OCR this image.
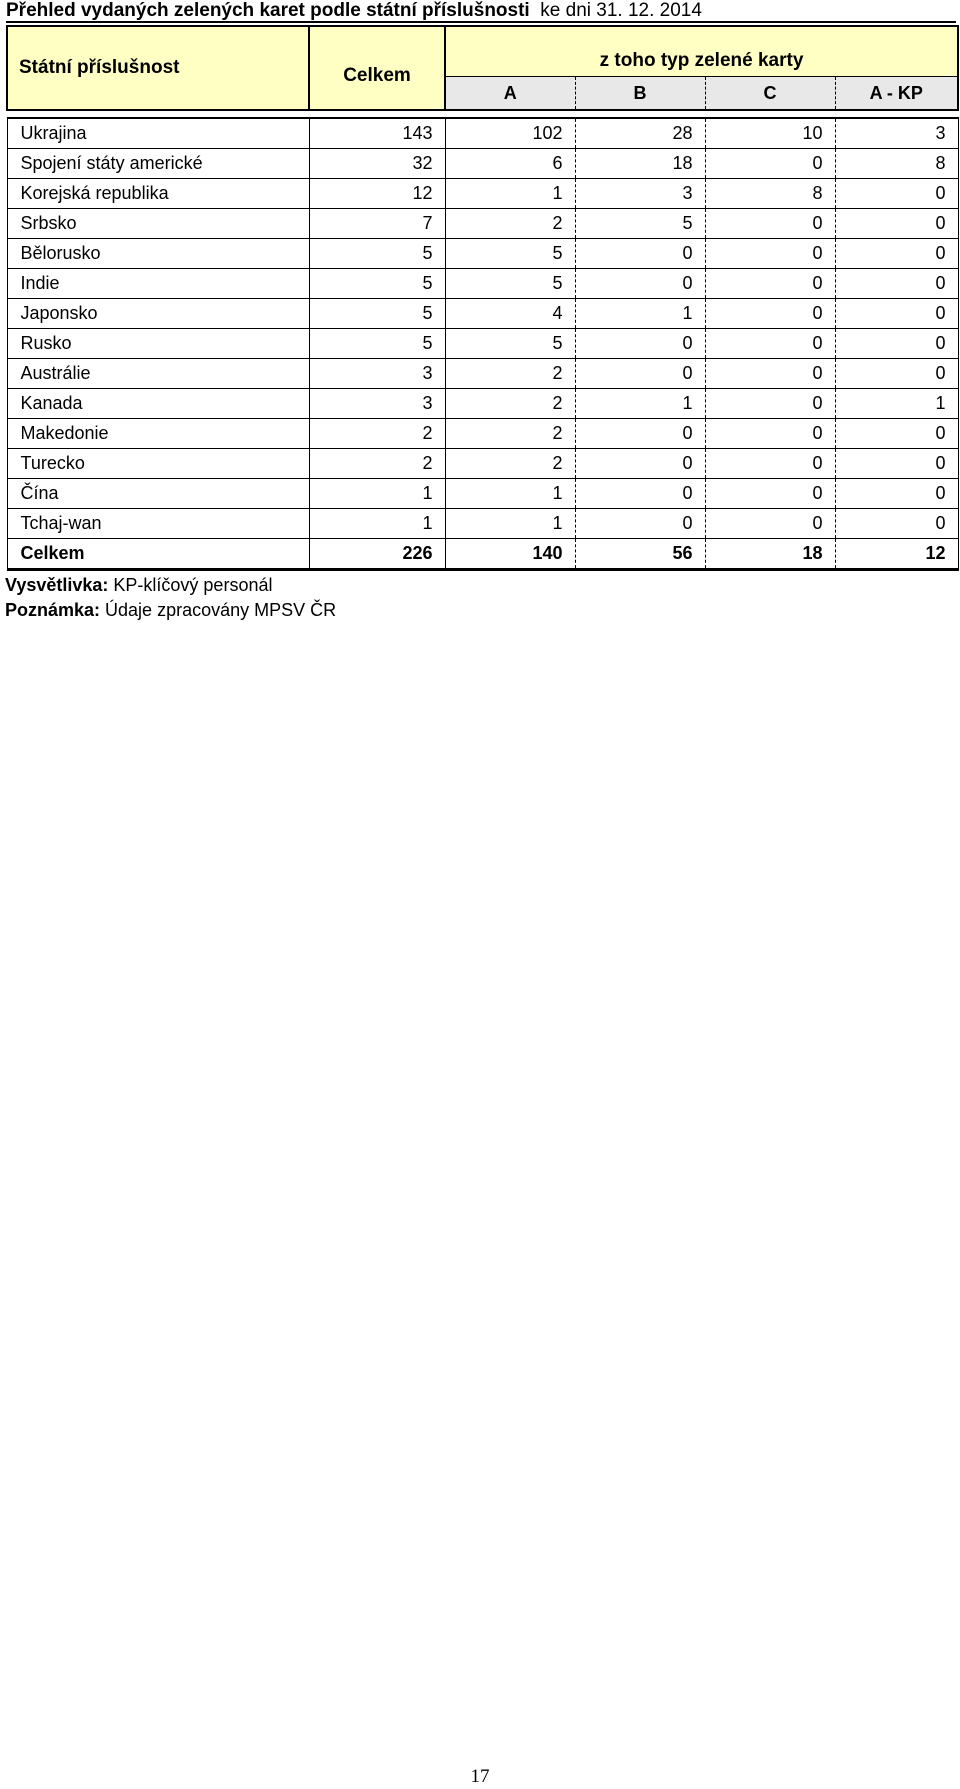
Přehled vydaných zelených karet podle státní příslušnosti ke dni 31. 12. 2014
Státní příslušnost	Celkem	z toho typ zelené karty			
		A	B	C	A - KP

Ukrajina	143	102	28	10	3
Spojení státy americké	32	6	18	0	8
Korejská republika	12	1	3	8	0
Srbsko	7	2	5	0	0
Bělorusko	5	5	0	0	0
Indie	5	5	0	0	0
Japonsko	5	4	1	0	0
Rusko	5	5	0	0	0
Austrálie	3	2	0	0	0
Kanada	3	2	1	0	1
Makedonie	2	2	0	0	0
Turecko	2	2	0	0	0
Čína	1	1	0	0	0
Tchaj-wan	1	1	0	0	0
Celkem	226	140	56	18	12
Vysvětlivka: KP-klíčový personál
Poznámka: Údaje zpracovány MPSV ČR
17
